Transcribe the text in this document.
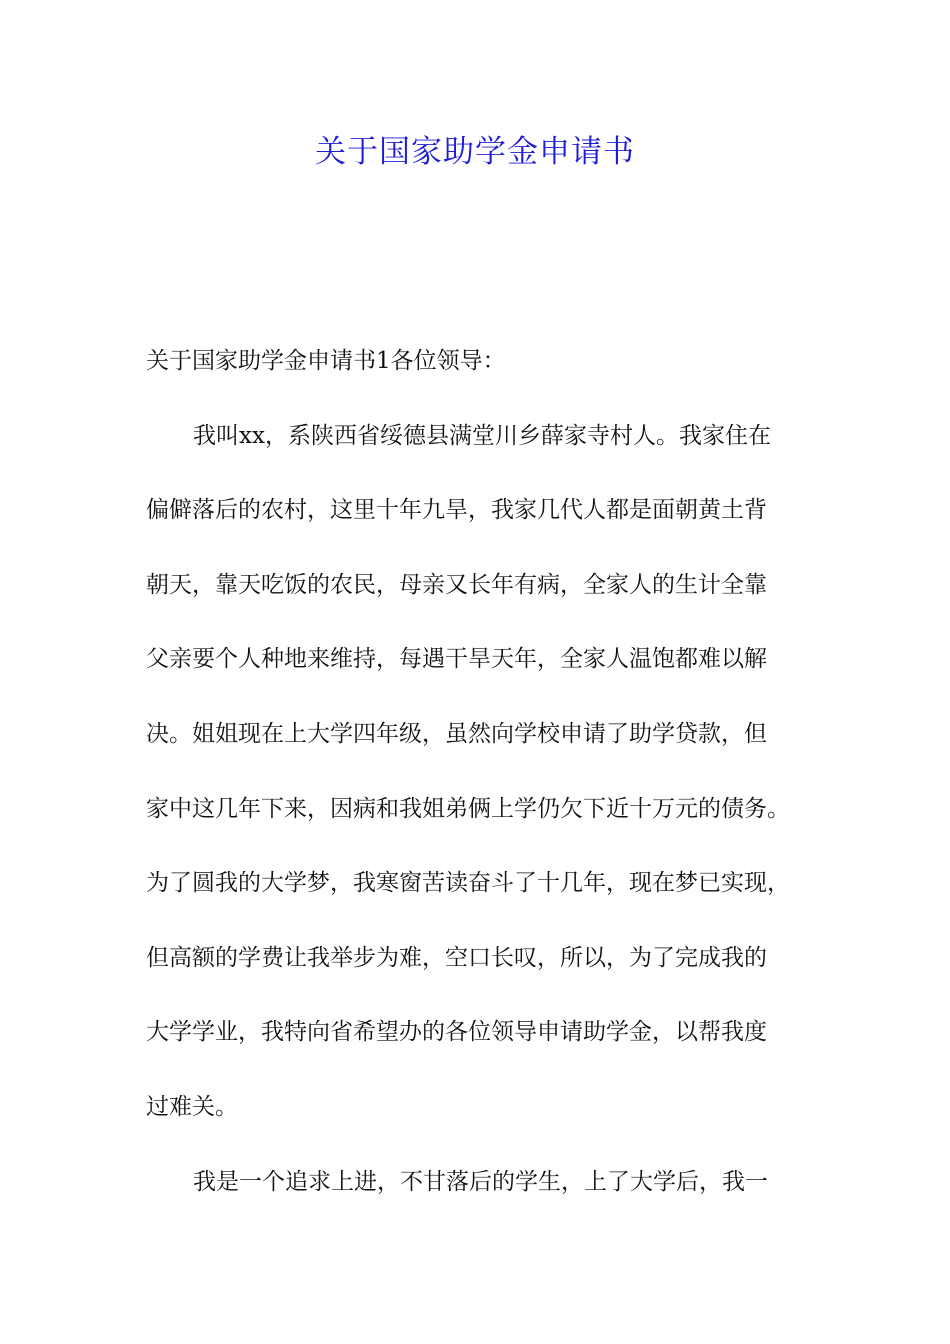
关于国家助学金申请书
关于国家助学金申请书1各位领导：
我叫xx，系陕西省绥德县满堂川乡薛家寺村人。我家住在
偏僻落后的农村，这里十年九旱，我家几代人都是面朝黄土背
朝天，靠天吃饭的农民，母亲又长年有病，全家人的生计全靠
父亲要个人种地来维持，每遇干旱天年，全家人温饱都难以解
决。姐姐现在上大学四年级，虽然向学校申请了助学贷款，但
家中这几年下来，因病和我姐弟俩上学仍欠下近十万元的债务。
为了圆我的大学梦，我寒窗苦读奋斗了十几年，现在梦已实现，
但高额的学费让我举步为难，空口长叹，所以，为了完成我的
大学学业，我特向省希望办的各位领导申请助学金，以帮我度
过难关。
我是一个追求上进，不甘落后的学生，上了大学后，我一
